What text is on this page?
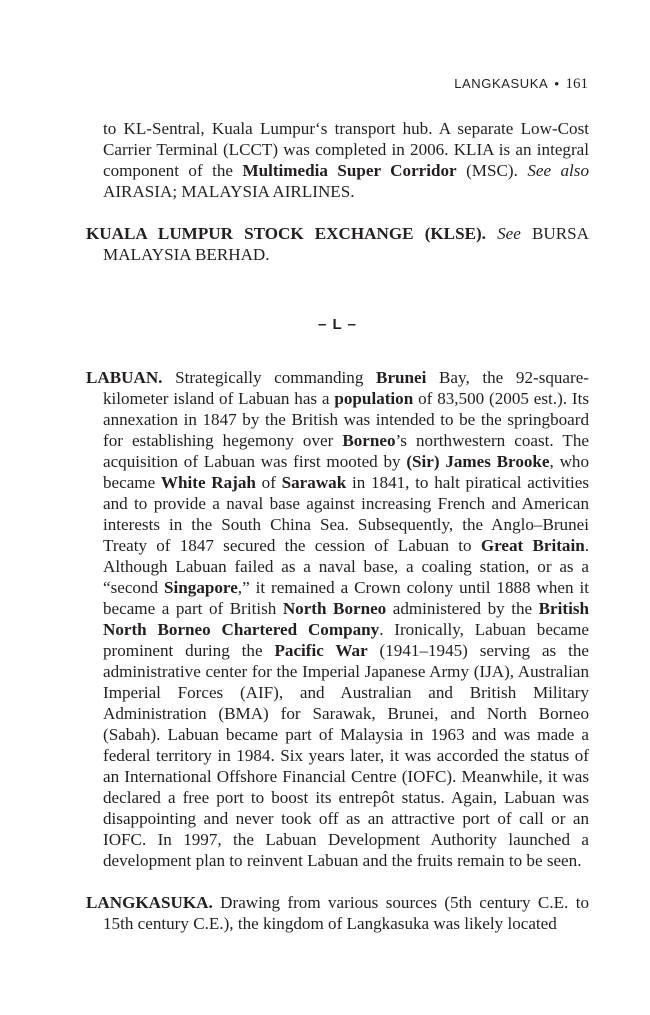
LANGKASUKA • 161

to KL-Sentral, Kuala Lumpur‘s transport hub. A separate Low-Cost Carrier Terminal (LCCT) was completed in 2006. KLIA is an integral component of the Multimedia Super Corridor (MSC). See also AIRASIA; MALAYSIA AIRLINES.

KUALA LUMPUR STOCK EXCHANGE (KLSE). See BURSA MALAYSIA BERHAD.

– L –

LABUAN. Strategically commanding Brunei Bay, the 92-square-kilometer island of Labuan has a population of 83,500 (2005 est.). Its annexation in 1847 by the British was intended to be the springboard for establishing hegemony over Borneo’s northwestern coast. The acquisition of Labuan was first mooted by (Sir) James Brooke, who became White Rajah of Sarawak in 1841, to halt piratical activities and to provide a naval base against increasing French and American interests in the South China Sea. Subsequently, the Anglo–Brunei Treaty of 1847 secured the cession of Labuan to Great Britain. Although Labuan failed as a naval base, a coaling station, or as a “second Singapore,” it remained a Crown colony until 1888 when it became a part of British North Borneo administered by the British North Borneo Chartered Company. Ironically, Labuan became prominent during the Pacific War (1941–1945) serving as the administrative center for the Imperial Japanese Army (IJA), Australian Imperial Forces (AIF), and Australian and British Military Administration (BMA) for Sarawak, Brunei, and North Borneo (Sabah). Labuan became part of Malaysia in 1963 and was made a federal territory in 1984. Six years later, it was accorded the status of an International Offshore Financial Centre (IOFC). Meanwhile, it was declared a free port to boost its entrepôt status. Again, Labuan was disappointing and never took off as an attractive port of call or an IOFC. In 1997, the Labuan Development Authority launched a development plan to reinvent Labuan and the fruits remain to be seen.

LANGKASUKA. Drawing from various sources (5th century C.E. to 15th century C.E.), the kingdom of Langkasuka was likely located
